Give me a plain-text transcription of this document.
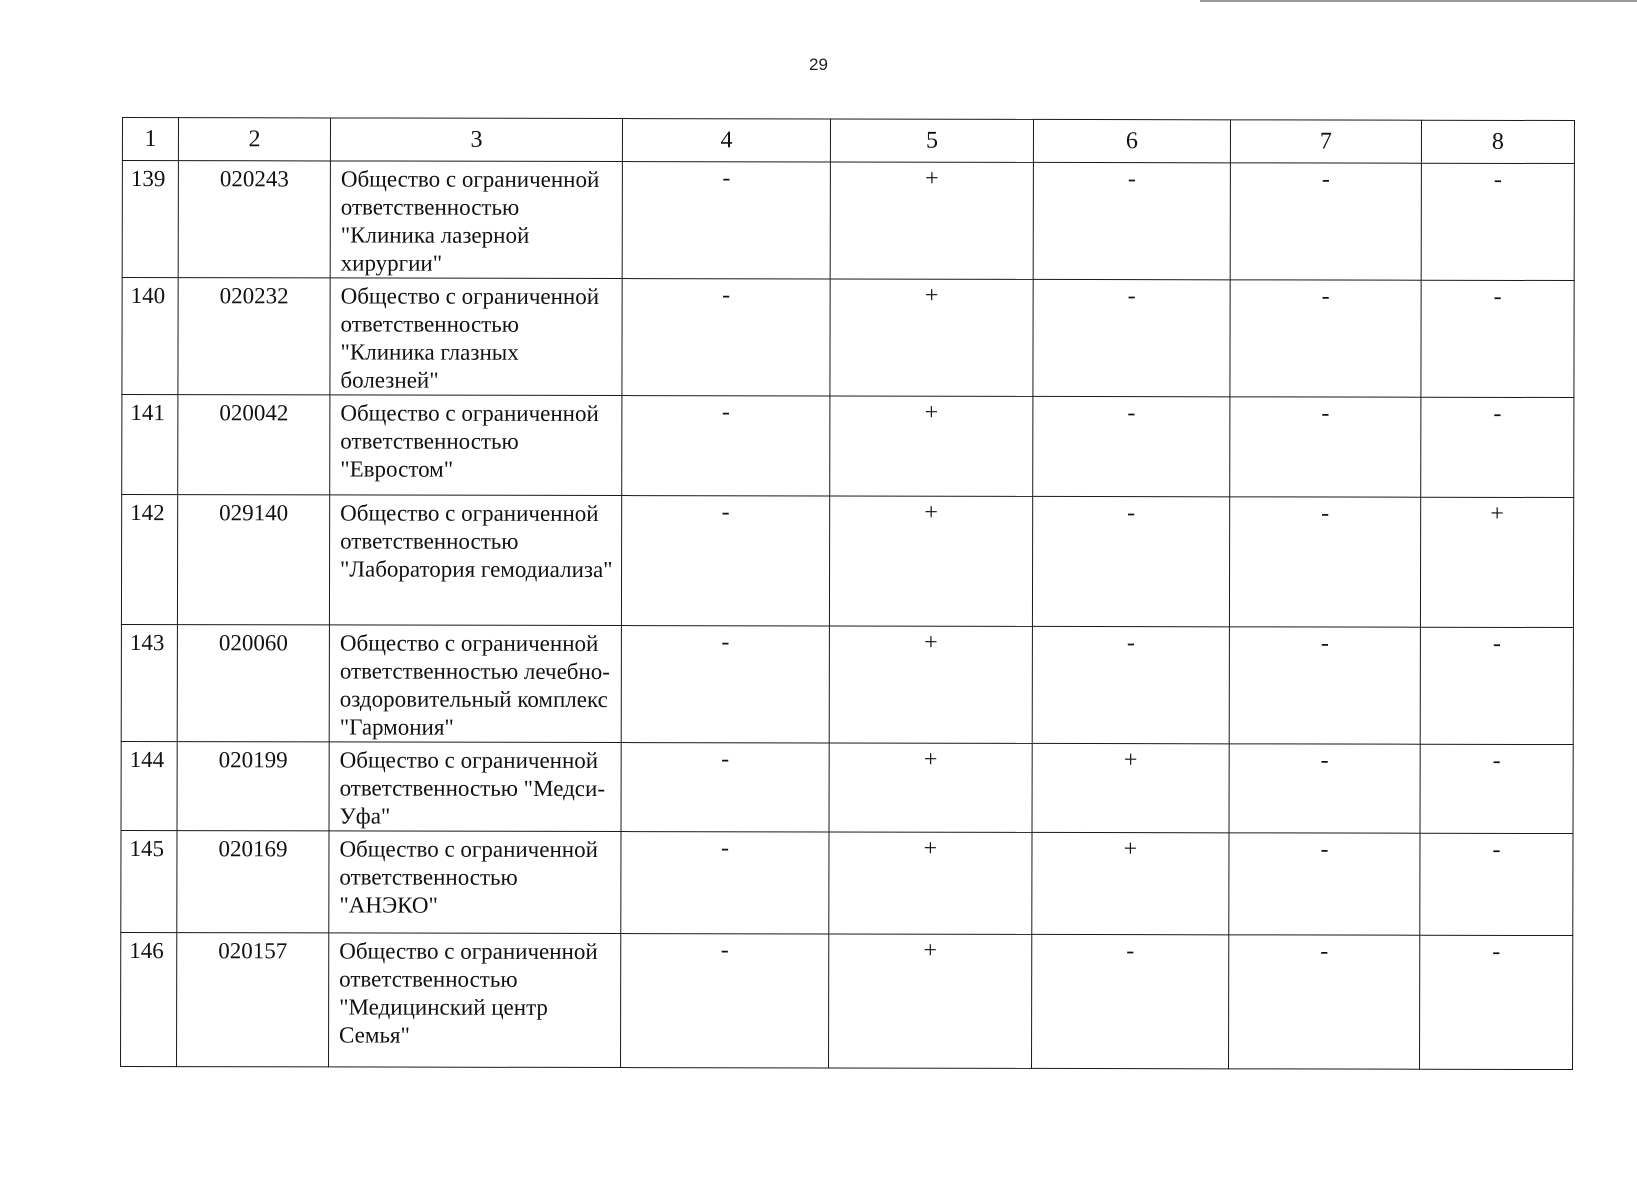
29
1	2	3	4	5	6	7	8
139	020243	Общество с ограниченной ответственностью "Клиника лазерной хирургии"	-	+	-	-	-
140	020232	Общество с ограниченной ответственностью "Клиника глазных болезней"	-	+	-	-	-
141	020042	Общество с ограниченной ответственностью "Евростом"	-	+	-	-	-
142	029140	Общество с ограниченной ответственностью "Лаборатория гемодиализа"	-	+	-	-	+
143	020060	Общество с ограниченной ответственностью лечебно-оздоровительный комплекс "Гармония"	-	+	-	-	-
144	020199	Общество с ограниченной ответственностью "Медси-Уфа"	-	+	+	-	-
145	020169	Общество с ограниченной ответственностью "АНЭКО"	-	+	+	-	-
146	020157	Общество с ограниченной ответственностью "Медицинский центр Семья"	-	+	-	-	-
